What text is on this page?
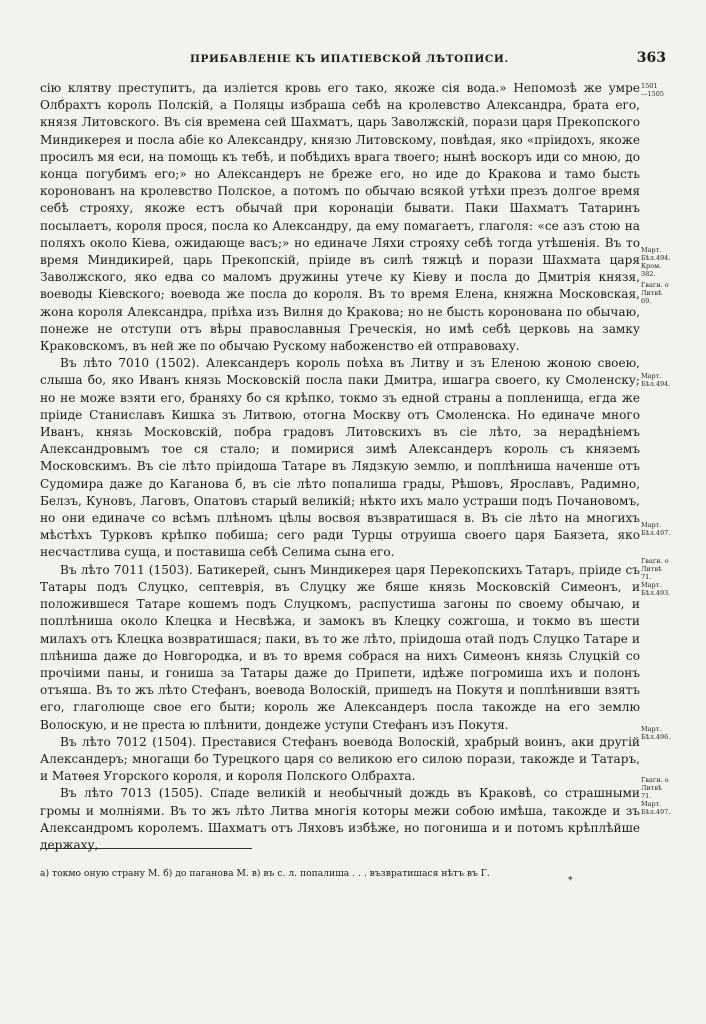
ПРИБАВЛЕНІЕ КЪ ИПАТІЕВСКОЙ ЛѢТОПИСИ.	363

сію клятву преступитъ, да изліется кровь его тако, якоже сія вода.» Непомозѣ же умре Олбрахтъ король Полскій, а Поляцы избраша себѣ на кролевство Александра, брата его, князя Литовского. Въ сія времена сей Шахматъ, царь Заволжскій, порази царя Прекопского Миндикерея и посла абіе ко Александру, князю Литовскому, повѣдая, яко «пріидохъ, якоже просилъ мя еси, на помощь къ тебѣ, и побѣдихъ врага твоего; нынѣ воскоръ иди со мною, до конца погубимъ его;» но Александеръ не бреже его, но иде до Кракова и тамо бысть коронованъ на кролевство Полское, а потомъ по обычаю всякой утѣхи презъ долгое время себѣ строяху, якоже естъ обычай при коронаціи бывати. Паки Шахматъ Татаринъ посылаетъ, короля прося, посла ко Александру, да ему помагаетъ, глаголя: «се азъ стою на поляхъ около Кіева, ожидающе васъ;» но единаче Ляхи строяху себѣ тогда утѣшенія. Въ то время Миндикирей, царь Прекопскій, пріиде въ силѣ тяжцѣ и порази Шахмата царя Заволжского, яко едва со маломъ дружины утече ку Кіеву и посла до Дмитрія князя, воеводы Кіевского; воевода же посла до короля. Въ то время Елена, княжна Московская, жона короля Александра, пріѣха изъ Вилня до Кракова; но не бысть коронована по обычаю, понеже не отступи отъ вѣры православныя Греческія, но имѣ себѣ церковь на замку Краковскомъ, въ ней же по обычаю Рускому набоженство ей отправоваху.

Въ лѣто 7010 (1502). Александеръ король поѣха въ Литву и зъ Еленою жоною своею, слыша бо, яко Иванъ князь Московскій посла паки Дмитра, ишагра своего, ку Смоленску; но не може взяти его, браняху бо ся крѣпко, токмо зъ едной страны а попленища, егда же пріиде Станиславъ Кишка зъ Литвою, отогна Москву отъ Смоленска. Но единаче много Иванъ, князь Московскій, побра градовъ Литовскихъ въ сіе лѣто, за нерадѣніемъ Александровымъ тое ся стало; и помирися зимѣ Александеръ король съ княземъ Московскимъ. Въ сіе лѣто пріидоша Татаре въ Лядзкую землю, и поплѣниша наченше отъ Судомира даже до Каганова б, въ сіе лѣто попалиша грады, Рѣшовъ, Ярославъ, Радимно, Белзъ, Куновъ, Лаговъ, Опатовъ старый великій; нѣкто ихъ мало устраши подъ Почановомъ, но они единаче со всѣмъ плѣномъ цѣлы восвоя възвратишася в. Въ сіе лѣто на многихъ мѣстѣхъ Турковъ крѣпко побиша; сего ради Турцы отруиша своего царя Баязета, яко несчастлива суща, и поставиша себѣ Селима сына его.

Въ лѣто 7011 (1503). Батикерей, сынъ Миндикерея царя Перекопскихъ Татаръ, пріиде съ Татары подъ Слуцко, септеврія, въ Слуцку же бяше князь Московскій Симеонъ, и положившеся Татаре кошемъ подъ Слуцкомъ, распустиша загоны по своему обычаю, и поплѣниша около Клецка и Несвѣжа, и замокъ въ Клецку сожгоша, и токмо въ шести милахъ отъ Клецка возвратишася; паки, въ то же лѣто, пріидоша отай подъ Слуцко Татаре и плѣниша даже до Новгородка, и въ то время собрася на нихъ Симеонъ князь Слуцкій со прочіими паны, и гониша за Татары даже до Припети, идѣже погромиша ихъ и полонъ отъяша. Въ то жъ лѣто Стефанъ, воевода Волоскій, пришедъ на Покутя и поплѣнивши взятъ его, глаголюще свое его быти; король же Александеръ посла такожде на его землю Волоскую, и не преста ю плѣнити, дондеже уступи Стефанъ изъ Покутя.

Въ лѣто 7012 (1504). Преставися Стефанъ воевода Волоскій, храбрый воинъ, аки другій Александеръ; многащи бо Турецкого царя со великою его силою порази, такожде и Татаръ, и Матѳея Угорского короля, и короля Полского Олбрахта.

Въ лѣто 7013 (1505). Спаде великій и необычный дождь въ Краковѣ, со страшными громы и молніями. Въ то жъ лѣто Литва многія которы межи собою имѣша, такожде и зъ Александромъ королемъ. Шахматъ отъ Ляховъ избѣже, но погониша и и потомъ крѣплѣйше держаху,

1501
—1505
Март.
Бѣл.494.
Кром.
382.
Гвагн. о
Литвѣ
69.
Март.
Бѣл.494.
Март.
Бѣл.497.
Гвагн. о
Литвѣ
71.
Март.
Бѣл.493.
Март.
Бѣл.496.
Гвагн. о
Литвѣ
71.
Март.
Бѣл.497.
а) токмо оную страну М. б) до паганова М. в) въ с. л. попалиша . . . възвратишася нѣтъ въ Г.
*
